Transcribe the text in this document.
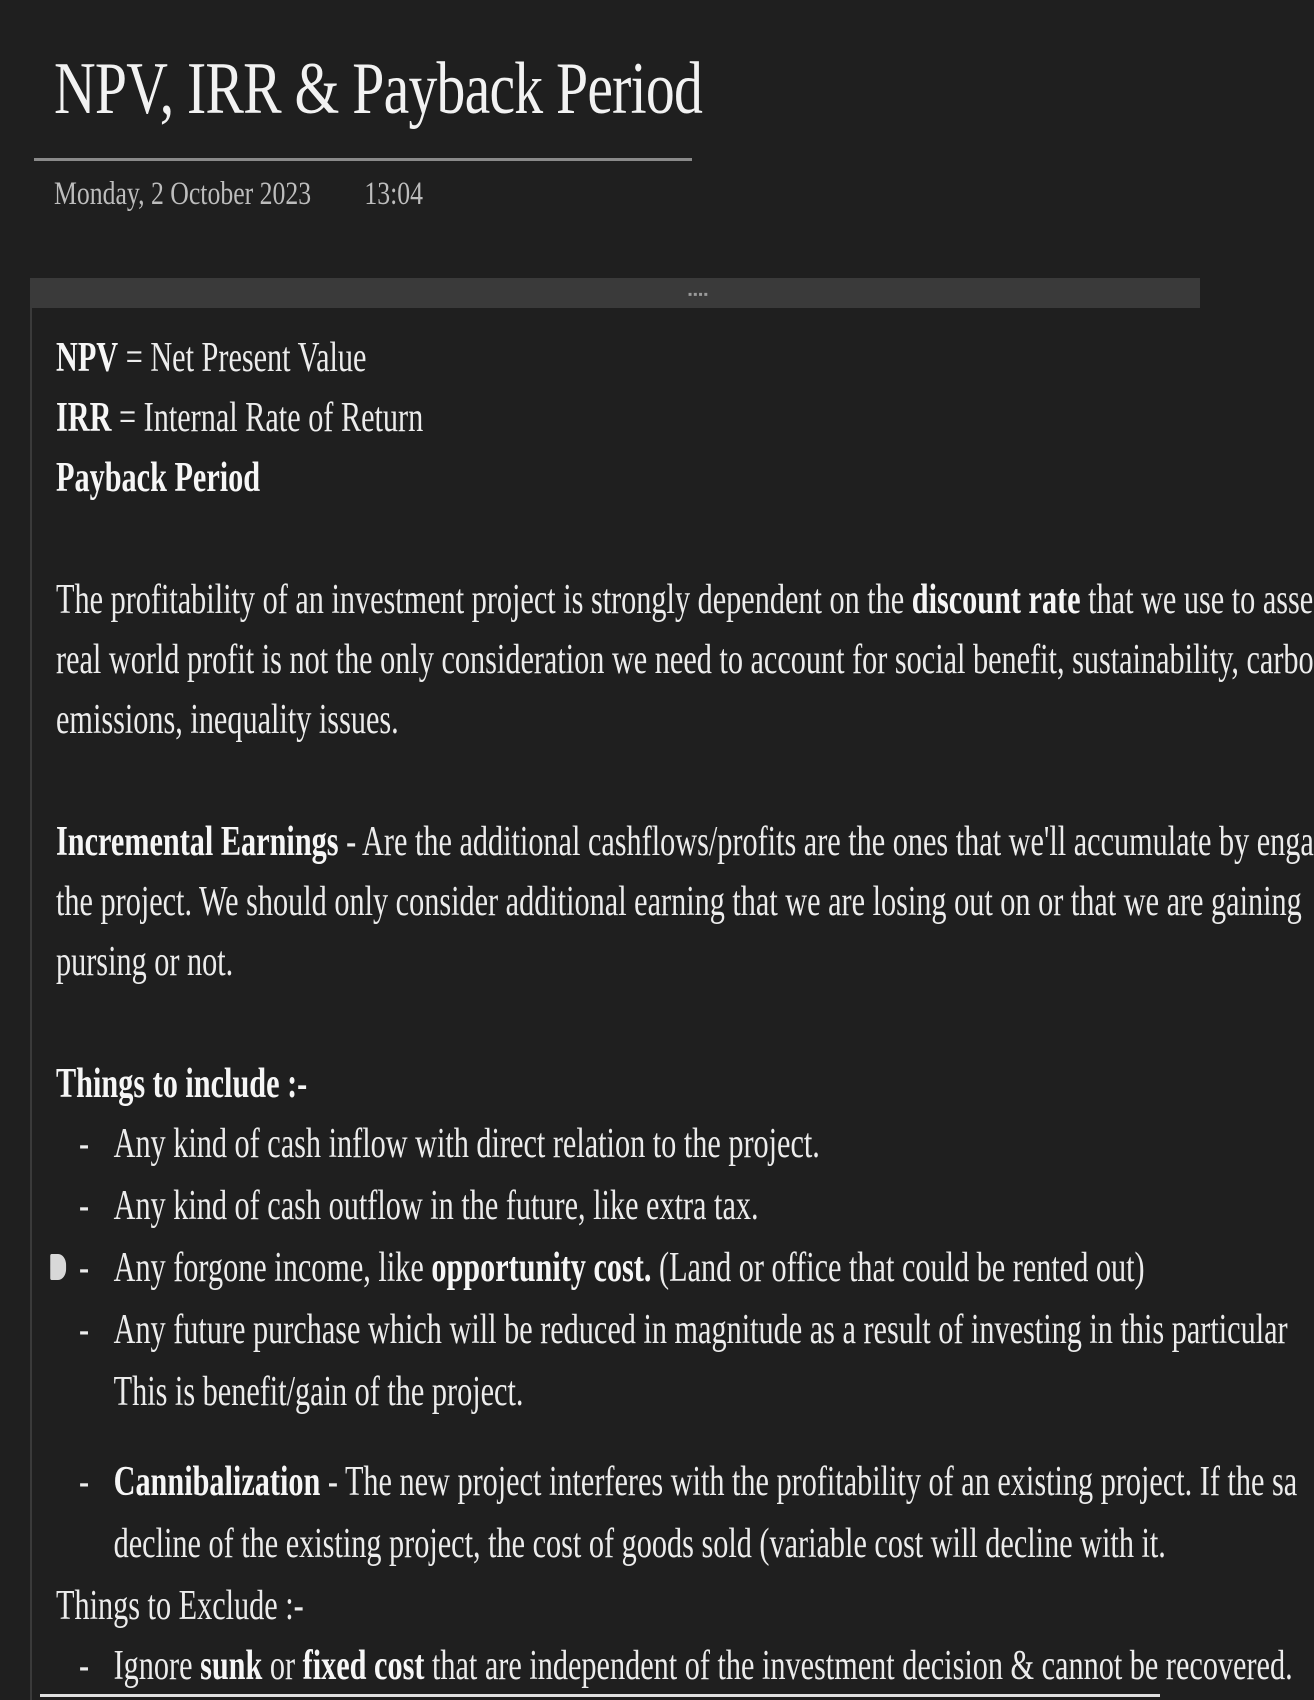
NPV, IRR & Payback Period
Monday, 2 October 2023 13:04
▪▪▪▪
NPV = Net Present Value
IRR = Internal Rate of Return
Payback Period
The profitability of an investment project is strongly dependent on the discount rate that we use to asse
real world profit is not the only consideration we need to account for social benefit, sustainability, carbo
emissions, inequality issues.
Incremental Earnings - Are the additional cashflows/profits are the ones that we'll accumulate by enga
the project. We should only consider additional earning that we are losing out on or that we are gaining
pursing or not.
Things to include :-
- Any kind of cash inflow with direct relation to the project.
- Any kind of cash outflow in the future, like extra tax.
- Any forgone income, like opportunity cost. (Land or office that could be rented out)
- Any future purchase which will be reduced in magnitude as a result of investing in this particular
This is benefit/gain of the project.
- Cannibalization - The new project interferes with the profitability of an existing project. If the sa
decline of the existing project, the cost of goods sold (variable cost will decline with it.
Things to Exclude :-
- Ignore sunk or fixed cost that are independent of the investment decision & cannot be recovered.
